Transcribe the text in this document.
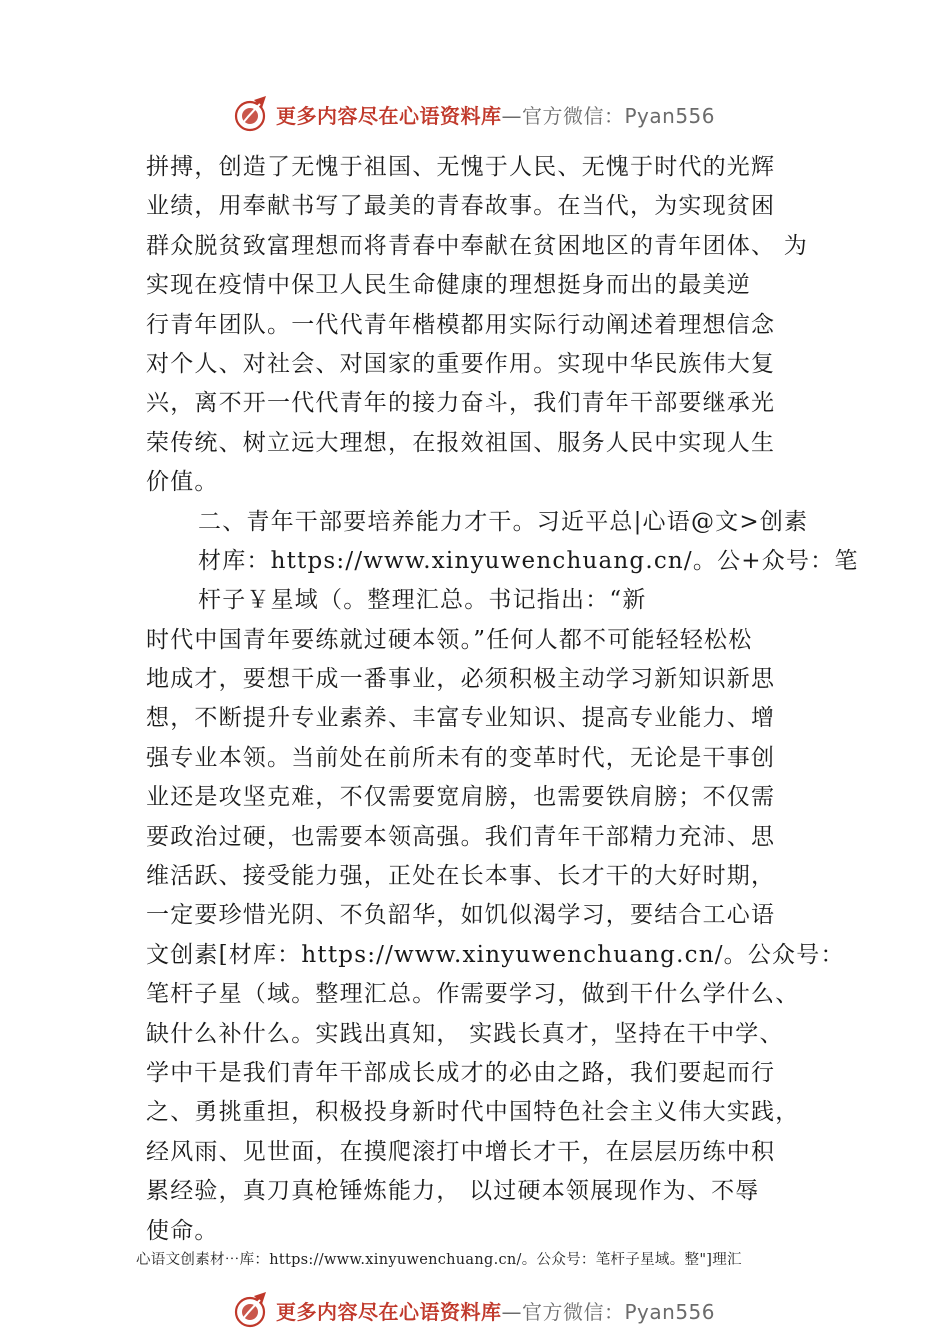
更多内容尽在心语资料库—官方微信：Pyan556
拼搏，创造了无愧于祖国、无愧于人民、无愧于时代的光辉
业绩，用奉献书写了最美的青春故事。在当代，为实现贫困
群众脱贫致富理想而将青春中奉献在贫困地区的青年团体、 为
实现在疫情中保卫人民生命健康的理想挺身而出的最美逆
行青年团队。一代代青年楷模都用实际行动阐述着理想信念
对个人、对社会、对国家的重要作用。实现中华民族伟大复
兴，离不开一代代青年的接力奋斗，我们青年干部要继承光
荣传统、树立远大理想，在报效祖国、服务人民中实现人生
价值。
二、青年干部要培养能力才干。习近平总|心语@文>创素
材库：https://www.xinyuwenchuang.cn/。公+众号：笔
杆子￥星域（。整理汇总。书记指出：“新
时代中国青年要练就过硬本领。”任何人都不可能轻轻松松
地成才，要想干成一番事业，必须积极主动学习新知识新思
想，不断提升专业素养、丰富专业知识、提高专业能力、增
强专业本领。当前处在前所未有的变革时代，无论是干事创
业还是攻坚克难，不仅需要宽肩膀，也需要铁肩膀；不仅需
要政治过硬，也需要本领高强。我们青年干部精力充沛、思
维活跃、接受能力强，正处在长本事、长才干的大好时期，
一定要珍惜光阴、不负韶华，如饥似渴学习，要结合工心语
文创素[材库：https://www.xinyuwenchuang.cn/。公众号：
笔杆子星（域。整理汇总。作需要学习，做到干什么学什么、
缺什么补什么。实践出真知， 实践长真才，坚持在干中学、
学中干是我们青年干部成长成才的必由之路，我们要起而行
之、勇挑重担，积极投身新时代中国特色社会主义伟大实践，
经风雨、见世面，在摸爬滚打中增长才干，在层层历练中积
累经验，真刀真枪锤炼能力， 以过硬本领展现作为、不辱
使命。
心语文创素材⋯库：https://www.xinyuwenchuang.cn/。公众号：笔杆子星域。整"]理汇
更多内容尽在心语资料库—官方微信：Pyan556
